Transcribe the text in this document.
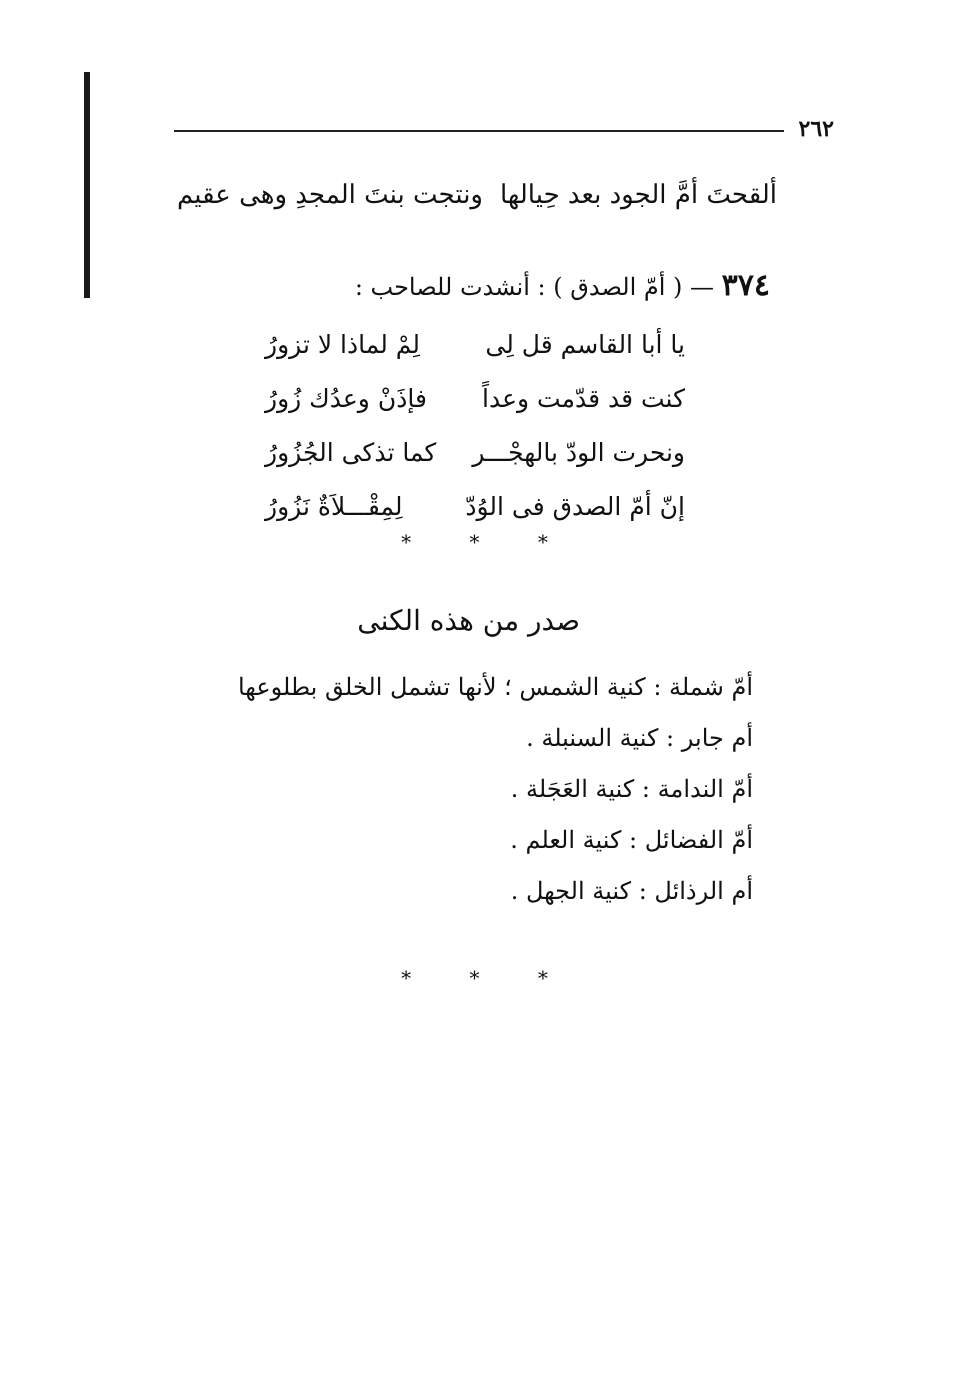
٢٦٢
ألقحتَ أمَّ الجود بعد حِيالها
ونتجت بنتَ المجدِ وهى عقيم
٣٧٤ — ( أمّ الصدق ) : أنشدت للصاحب :
يا أبا القاسم قل لِى
لِمْ لماذا لا تزورُ
كنت قد قدّمت وعداً
فإذَنْ وعدُك زُورُ
ونحرت الودّ بالهجْـــر
كما تذكى الجُزُورُ
إنّ أمّ الصدق فى الوُدّ
لِمِقْـــلاَةٌ نَزُورُ
* * *
صدر من هذه الكنى
أمّ شملة : كنية الشمس ؛ لأنها تشمل الخلق بطلوعها
أم جابر : كنية السنبلة .
أمّ الندامة : كنية العَجَلة .
أمّ الفضائل : كنية العلم .
أم الرذائل : كنية الجهل .
* * *
